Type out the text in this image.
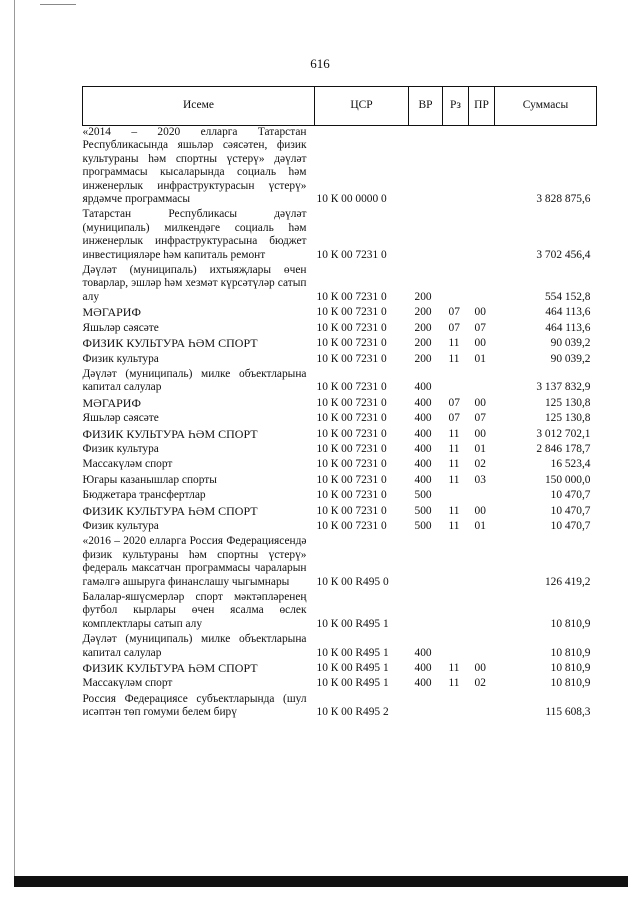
616
Исеме	ЦСР	ВР	Рз	ПР	Суммасы
«2014 – 2020 елларга Татарстан Республикасында яшьләр сәясәтен, физик культураны һәм спортны үстерү» дәүләт программасы кысаларында социаль һәм инженерлык инфраструктурасын үстерү» ярдәмче программасы	10 К 00 0000 0				3 828 875,6
Татарстан Республикасы дәүләт (муниципаль) милкендәге социаль һәм инженерлык инфраструктурасына бюджет инвестицияләре һәм капиталь ремонт	10 К 00 7231 0				3 702 456,4
Дәүләт (муниципаль) ихтыяҗлары өчен товарлар, эшләр һәм хезмәт күрсәтүләр сатып алу	10 К 00 7231 0	200			554 152,8
МӘГАРИФ	10 К 00 7231 0	200	07	00	464 113,6
Яшьләр сәясәте	10 К 00 7231 0	200	07	07	464 113,6
ФИЗИК КУЛЬТУРА ҺӘМ СПОРТ	10 К 00 7231 0	200	11	00	90 039,2
Физик культура	10 К 00 7231 0	200	11	01	90 039,2
Дәүләт (муниципаль) милке объектларына капитал салулар	10 К 00 7231 0	400			3 137 832,9
МӘГАРИФ	10 К 00 7231 0	400	07	00	125 130,8
Яшьләр сәясәте	10 К 00 7231 0	400	07	07	125 130,8
ФИЗИК КУЛЬТУРА ҺӘМ СПОРТ	10 К 00 7231 0	400	11	00	3 012 702,1
Физик культура	10 К 00 7231 0	400	11	01	2 846 178,7
Массакүләм спорт	10 К 00 7231 0	400	11	02	16 523,4
Югары казанышлар спорты	10 К 00 7231 0	400	11	03	150 000,0
Бюджетара трансфертлар	10 К 00 7231 0	500			10 470,7
ФИЗИК КУЛЬТУРА ҺӘМ СПОРТ	10 К 00 7231 0	500	11	00	10 470,7
Физик культура	10 К 00 7231 0	500	11	01	10 470,7
«2016 – 2020 елларга Россия Федерациясендә физик культураны һәм спортны үстерү» федераль максатчан программасы чараларын гамәлгә ашыруга финанслашу чыгымнары	10 К 00 R495 0				126 419,2
Балалар-яшүсмерләр спорт мәктәпләренең футбол кырлары өчен ясалма өслек комплектлары сатып алу	10 К 00 R495 1				10 810,9
Дәүләт (муниципаль) милке объектларына капитал салулар	10 К 00 R495 1	400			10 810,9
ФИЗИК КУЛЬТУРА ҺӘМ СПОРТ	10 К 00 R495 1	400	11	00	10 810,9
Массакүләм спорт	10 К 00 R495 1	400	11	02	10 810,9
Россия Федерациясе субъектларында (шул исәптән төп гомуми белем бирү	10 К 00 R495 2				115 608,3
